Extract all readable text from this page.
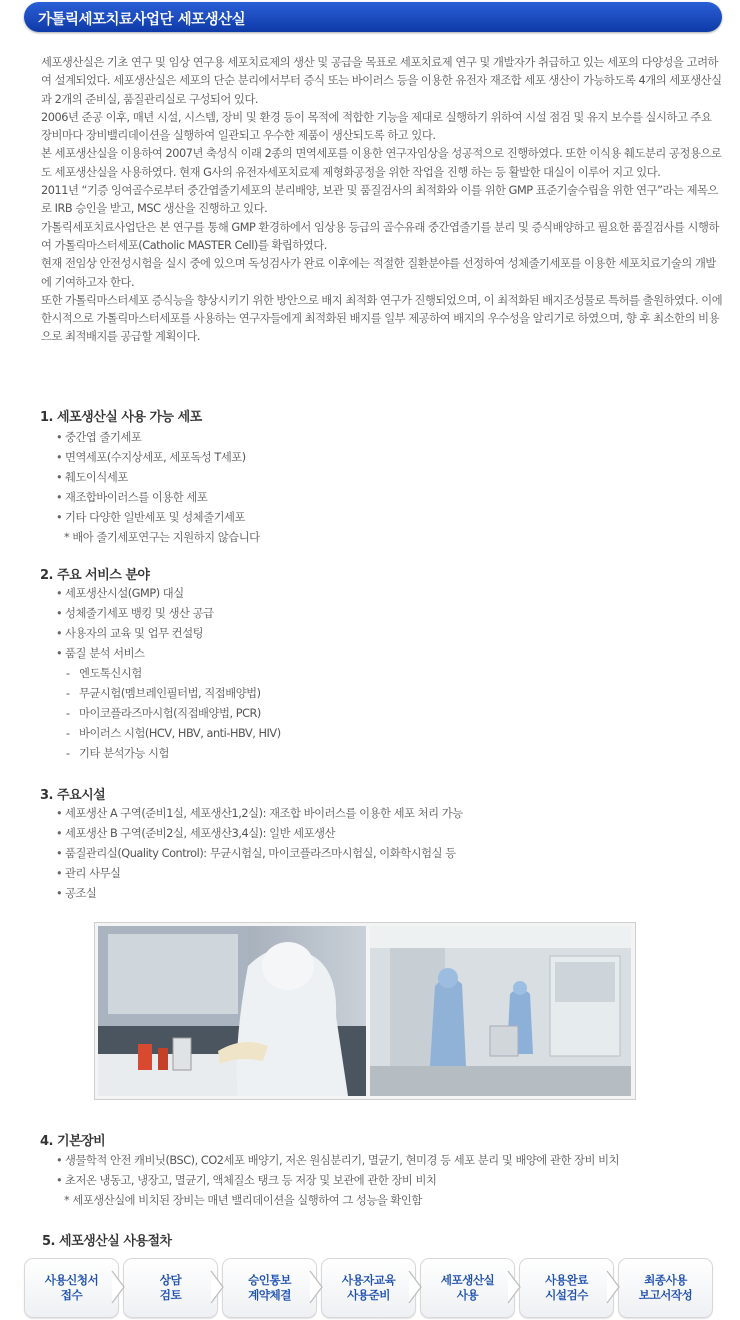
가톨릭세포치료사업단 세포생산실

세포생산실은 기초 연구 및 임상 연구용 세포치료제의 생산 및 공급을 목표로 세포치료제 연구 및 개발자가 취급하고 있는 세포의 다양성을 고려하여 설계되었다. 세포생산실은 세포의 단순 분리에서부터 증식 또는 바이러스 등을 이용한 유전자 재조합 세포 생산이 가능하도록 4개의 세포생산실과 2개의 준비실, 품질관리실로 구성되어 있다.

2006년 준공 이후, 매년 시설, 시스템, 장비 및 환경 등이 목적에 적합한 기능을 제대로 실행하기 위하여 시설 점검 및 유지 보수를 실시하고 주요 장비마다 장비밸리데이션을 실행하여 일관되고 우수한 제품이 생산되도록 하고 있다.

본 세포생산실을 이용하여 2007년 축성식 이래 2종의 면역세포를 이용한 연구자임상을 성공적으로 진행하였다. 또한 이식용 췌도분리 공정용으로도 세포생산실을 사용하였다. 현재 G사의 유전자세포치료제 제형화공정을 위한 작업을 진행 하는 등 활발한 대실이 이루어 지고 있다.

2011년 “기증 잉여골수로부터 중간엽줄기세포의 분리배양, 보관 및 품질검사의 최적화와 이를 위한 GMP 표준기술수립을 위한 연구”라는 제목으로 IRB 승인을 받고, MSC 생산을 진행하고 있다.

가톨릭세포치료사업단은 본 연구를 통해 GMP 환경하에서 임상용 등급의 골수유래 중간엽줄기를 분리 및 증식배양하고 필요한 품질검사를 시행하여 가톨릭마스터세포(Catholic MASTER Cell)를 확립하였다.

현재 전임상 안전성시험을 실시 중에 있으며 독성검사가 완료 이후에는 적절한 질환분야를 선정하여 성체줄기세포를 이용한 세포치료기술의 개발에 기여하고자 한다.

또한 가톨릭마스터세포 증식능을 향상시키기 위한 방안으로 배지 최적화 연구가 진행되었으며, 이 최적화된 배지조성물로 특허를 출원하였다. 이에 한시적으로 가톨릭마스터세포를 사용하는 연구자들에게 최적화된 배지를 일부 제공하여 배지의 우수성을 알리기로 하였으며, 향 후 최소한의 비용으로 최적배지를 공급할 계획이다.

1. 세포생산실 사용 가능 세포
• 중간엽 줄기세포
• 면역세포(수지상세포, 세포독성 T세포)
• 췌도이식세포
• 재조합바이러스를 이용한 세포
• 기타 다양한 일반세포 및 성체줄기세포
* 배아 줄기세포연구는 지원하지 않습니다
2. 주요 서비스 분야
• 세포생산시설(GMP) 대실
• 성체줄기세포 뱅킹 및 생산 공급
• 사용자의 교육 및 업무 컨설팅
• 품질 분석 서비스
- 엔도톡신시험
- 무균시험(멤브레인필터법, 직접배양법)
- 마이코플라즈마시험(직접배양법, PCR)
- 바이러스 시험(HCV, HBV, anti-HBV, HIV)
- 기타 분석가능 시험
3. 주요시설
• 세포생산 A 구역(준비1실, 세포생산1,2실): 재조합 바이러스를 이용한 세포 처리 가능
• 세포생산 B 구역(준비2실, 세포생산3,4실): 일반 세포생산
• 품질관리실(Quality Control): 무균시험실, 마이코플라즈마시험실, 이화학시험실 등
• 관리 사무실
• 공조실
4. 기본장비
• 생물학적 안전 캐비닛(BSC), CO2세포 배양기, 저온 원심분리기, 멸균기, 현미경 등 세포 분리 및 배양에 관한 장비 비치
• 초저온 냉동고, 냉장고, 멸균기, 액체질소 탱크 등 저장 및 보관에 관한 장비 비치
* 세포생산실에 비치된 장비는 매년 밸리데이션을 실행하여 그 성능을 확인함
5. 세포생산실 사용절차
사용신청서
접수
상담
검토
승인통보
계약체결
사용자교육
사용준비
세포생산실
사용
사용완료
시설검수
최종사용
보고서작성
